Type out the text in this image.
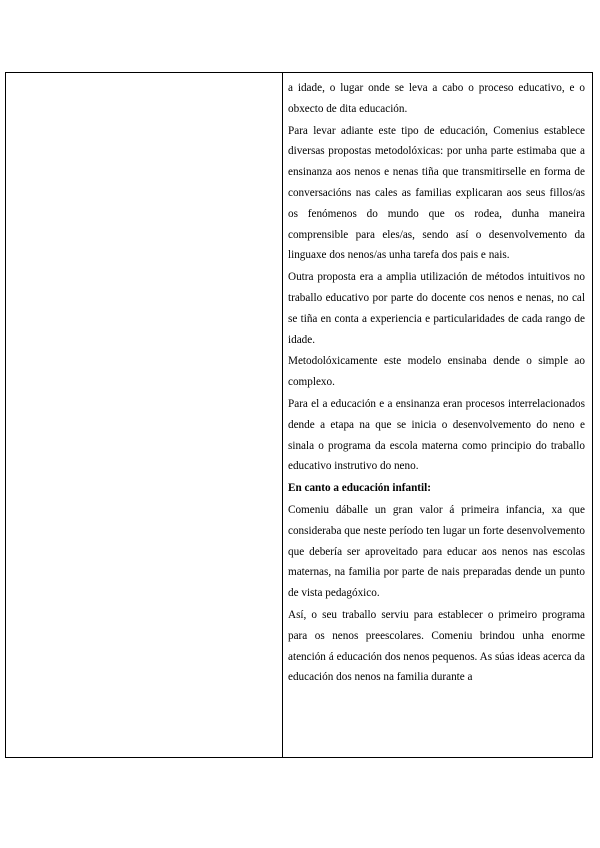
a idade, o lugar onde se leva a cabo o proceso educativo, e o obxecto de dita educación.

Para levar adiante este tipo de educación, Comenius establece diversas propostas metodolóxicas: por unha parte estimaba que a ensinanza aos nenos e nenas tiña que transmitirselle en forma de conversacións nas cales as familias explicaran aos seus fillos/as os fenómenos do mundo que os rodea, dunha maneira comprensible para eles/as, sendo así o desenvolvemento da linguaxe dos nenos/as unha tarefa dos pais e nais.

Outra proposta era a amplia utilización de métodos intuitivos no traballo educativo por parte do docente cos nenos e nenas, no cal se tiña en conta a experiencia e particularidades de cada rango de idade.

Metodolóxicamente este modelo ensinaba dende o simple ao complexo.

Para el a educación e a ensinanza eran procesos interrelacionados dende a etapa na que se inicia o desenvolvemento do neno e sinala o programa da escola materna como principio do traballo educativo instrutivo do neno.

En canto a educación infantil:

Comeniu dáballe un gran valor á primeira infancia, xa que consideraba que neste período ten lugar un forte desenvolvemento que debería ser aproveitado para educar aos nenos nas escolas maternas, na familia por parte de nais preparadas dende un punto de vista pedagóxico.

Así, o seu traballo serviu para establecer o primeiro programa para os nenos preescolares. Comeniu brindou unha enorme atención á educación dos nenos pequenos. As súas ideas acerca da educación dos nenos na familia durante a
